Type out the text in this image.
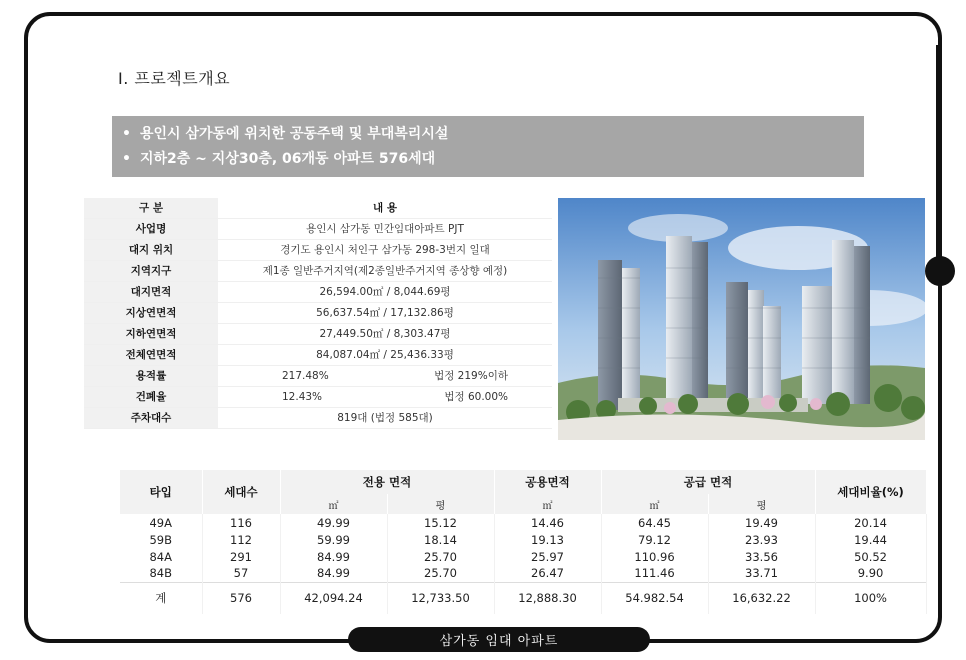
Ⅰ. 프로젝트개요
• 용인시 삼가동에 위치한 공동주택 및 부대복리시설
• 지하2층 ~ 지상30층, 06개동 아파트 576세대
구 분	내 용
사업명	용인시 삼가동 민간임대아파트 PJT
대지 위치	경기도 용인시 처인구 삼가동 298-3번지 일대
지역지구	제1종 일반주거지역(제2종일반주거지역 종상향 예정)
대지면적	26,594.00㎡ / 8,044.69평
지상연면적	56,637.54㎡ / 17,132.86평
지하연면적	27,449.50㎡ / 8,303.47평
전체연면적	84,087.04㎡ / 25,436.33평
용적률	217.48%	법정 219%이하
건폐율	12.43%	법정 60.00%
주차대수	819대 (법정 585대)
타입	세대수	전용 면적		공용면적	공급 면적		세대비율(%)
		㎡	평	㎡	㎡	평	
49A	116	49.99	15.12	14.46	64.45	19.49	20.14
59B	112	59.99	18.14	19.13	79.12	23.93	19.44
84A	291	84.99	25.70	25.97	110.96	33.56	50.52
84B	57	84.99	25.70	26.47	111.46	33.71	9.90
계	576	42,094.24	12,733.50	12,888.30	54.982.54	16,632.22	100%
삼가동 임대 아파트
